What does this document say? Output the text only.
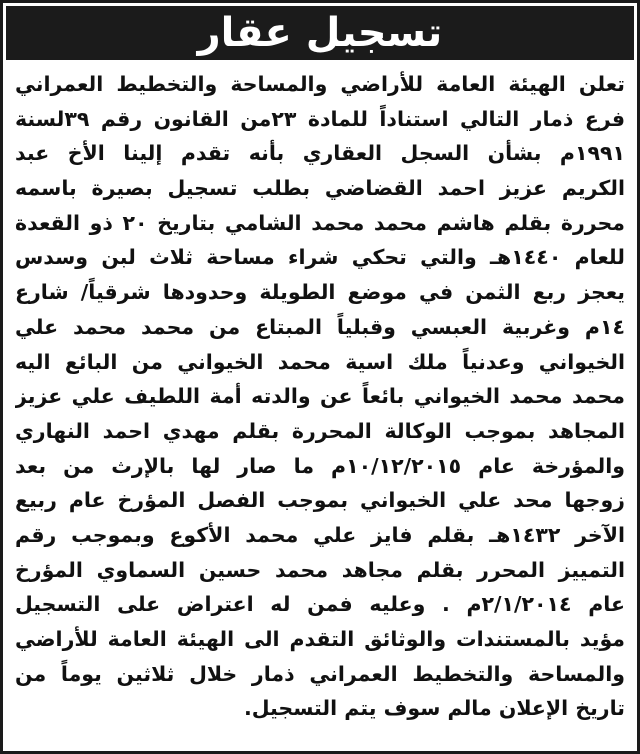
تسجيل عقار
تعلن الهيئة العامة للأراضي والمساحة والتخطيط العمراني
فرع ذمار التالي استناداً للمادة ٢٣من القانون رقم ٣٩لسنة
١٩٩١م بشأن السجل العقاري بأنه تقدم إلينا الأخ عبد
الكريم عزيز احمد القضاضي بطلب تسجيل بصيرة باسمه
محررة بقلم هاشم محمد محمد الشامي بتاريخ ٢٠ ذو القعدة
للعام ١٤٤٠هـ والتي تحكي شراء مساحة ثلاث لبن وسدس
يعجز ربع الثمن في موضع الطويلة وحدودها شرقياً/ شارع
١٤م وغربية العبسي وقبلياً المبتاع من محمد محمد علي
الخيواني وعدنياً ملك اسية محمد الخيواني من البائع اليه
محمد محمد الخيواني بائعاً عن والدته أمة اللطيف علي عزيز
المجاهد بموجب الوكالة المحررة بقلم مهدي احمد النهاري
والمؤرخة عام ١٠/١٢/٢٠١٥م ما صار لها بالإرث من بعد
زوجها محد علي الخيواني بموجب الفصل المؤرخ عام ربيع
الآخر ١٤٣٢هـ بقلم فايز علي محمد الأكوع وبموجب رقم
التمييز المحرر بقلم مجاهد محمد حسين السماوي المؤرخ
عام ٢/١/٢٠١٤م . وعليه فمن له اعتراض على التسجيل
مؤيد بالمستندات والوثائق التقدم الى الهيئة العامة للأراضي
والمساحة والتخطيط العمراني ذمار خلال ثلاثين يوماً من
تاريخ الإعلان مالم سوف يتم التسجيل.
